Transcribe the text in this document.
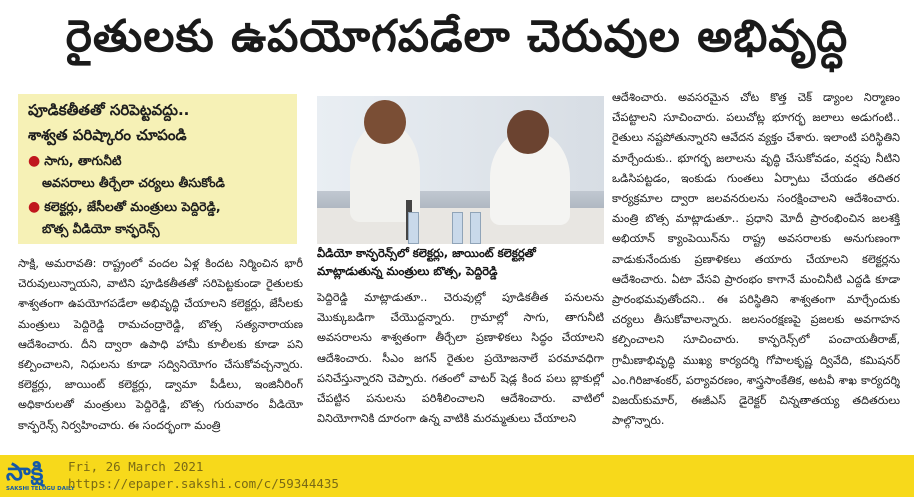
రైతులకు ఉపయోగపడేలా చెరువుల అభివృద్ధి
పూడికతీతతో సరిపెట్టవద్దు..
శాశ్వత పరిష్కారం చూపండి
● సాగు, తాగునీటి
అవసరాలు తీర్చేలా చర్యలు తీసుకోండి
● కలెక్టర్లు, జేసీలతో మంత్రులు పెద్దిరెడ్డి,
బొత్స వీడియో కాన్ఫరెన్స్

సాక్షి, అమరావతి: రాష్ట్రంలో వందల ఏళ్ల కిందట నిర్మించిన భారీ చెరువులున్నాయని, వాటిని పూడికతీతతో సరిపెట్టకుండా రైతులకు శాశ్వతంగా ఉపయోగపడేలా అభివృద్ధి చేయాలని కలెక్టర్లు, జేసీలకు మంత్రులు పెద్దిరెడ్డి రామచంద్రారెడ్డి, బొత్స సత్యనారాయణ ఆదేశించారు. దీని ద్వారా ఉపాధి హామీ కూలీలకు కూడా పని కల్పించాలని, నిధులను కూడా సద్వినియోగం చేసుకోవచ్చన్నారు. కలెక్టర్లు, జాయింట్ కలెక్టర్లు, డ్వామా పీడీలు, ఇంజినీరింగ్ అధికారులతో మంత్రులు పెద్దిరెడ్డి, బొత్స గురువారం వీడియో కాన్ఫరెన్స్ నిర్వహించారు. ఈ సందర్భంగా మంత్రి

వీడియో కాన్ఫరెన్స్‌లో కలెక్టర్లు, జాయింట్ కలెక్టర్లతో మాట్లాడుతున్న మంత్రులు బొత్స, పెద్దిరెడ్డి

పెద్దిరెడ్డి మాట్లాడుతూ.. చెరువుల్లో పూడికతీత పనులను మొక్కుబడిగా చేయొద్దన్నారు. గ్రామాల్లో సాగు, తాగునీటి అవసరాలను శాశ్వతంగా తీర్చేలా ప్రణాళికలు సిద్ధం చేయాలని ఆదేశించారు. సీఎం జగన్ రైతుల ప్రయోజనాలే పరమావధిగా పనిచేస్తున్నారని చెప్పారు. గతంలో వాటర్ షెడ్ల కింద పలు బ్లాకుల్లో చేపట్టిన పనులను పరిశీలించాలని ఆదేశించారు. వాటిలో వినియోగానికి దూరంగా ఉన్న వాటికి మరమ్మతులు చేయాలని

ఆదేశించారు. అవసరమైన చోట కొత్త చెక్ డ్యాంల నిర్మాణం చేపట్టాలని సూచించారు. పలుచోట్ల భూగర్భ జలాలు అడుగంటి.. రైతులు నష్టపోతున్నారని ఆవేదన వ్యక్తం చేశారు. ఇలాంటి పరిస్థితిని మార్చేందుకు.. భూగర్భ జలాలను వృద్ధి చేసుకోవడం, వర్షపు నీటిని ఒడిసిపట్టడం, ఇంకుడు గుంతలు ఏర్పాటు చేయడం తదితర కార్యక్రమాల ద్వారా జలవనరులను సంరక్షించాలని ఆదేశించారు. మంత్రి బొత్స మాట్లాడుతూ.. ప్రధాని మోదీ ప్రారంభించిన జలశక్తి అభియాన్ క్యాంపెయిన్‌ను రాష్ట్ర అవసరాలకు అనుగుణంగా వాడుకునేందుకు ప్రణాళికలు తయారు చేయాలని కలెక్టర్లను ఆదేశించారు. ఏటా వేసవి ప్రారంభం కాగానే మంచినీటి ఎద్దడి కూడా ప్రారంభమవుతోందని.. ఈ పరిస్థితిని శాశ్వతంగా మార్చేందుకు చర్యలు తీసుకోవాలన్నారు. జలసంరక్షణపై ప్రజలకు అవగాహన కల్పించాలని సూచించారు. కాన్ఫరెన్స్‌లో పంచాయతీరాజ్, గ్రామీణాభివృద్ధి ముఖ్య కార్యదర్శి గోపాలకృష్ణ ద్వివేది, కమిషనర్ ఎం.గిరిజాశంకర్, పర్యావరణం, శాస్త్రసాంకేతిక, అటవీ శాఖ కార్యదర్శి విజయ్‌కుమార్, ఈజీఎస్ డైరెక్టర్ చిన్నతాతయ్య తదితరులు పాల్గొన్నారు.

సాక్షి
SAKSHI TELUGU DAILY
Fri, 26 March 2021
https://epaper.sakshi.com/c/59344435
